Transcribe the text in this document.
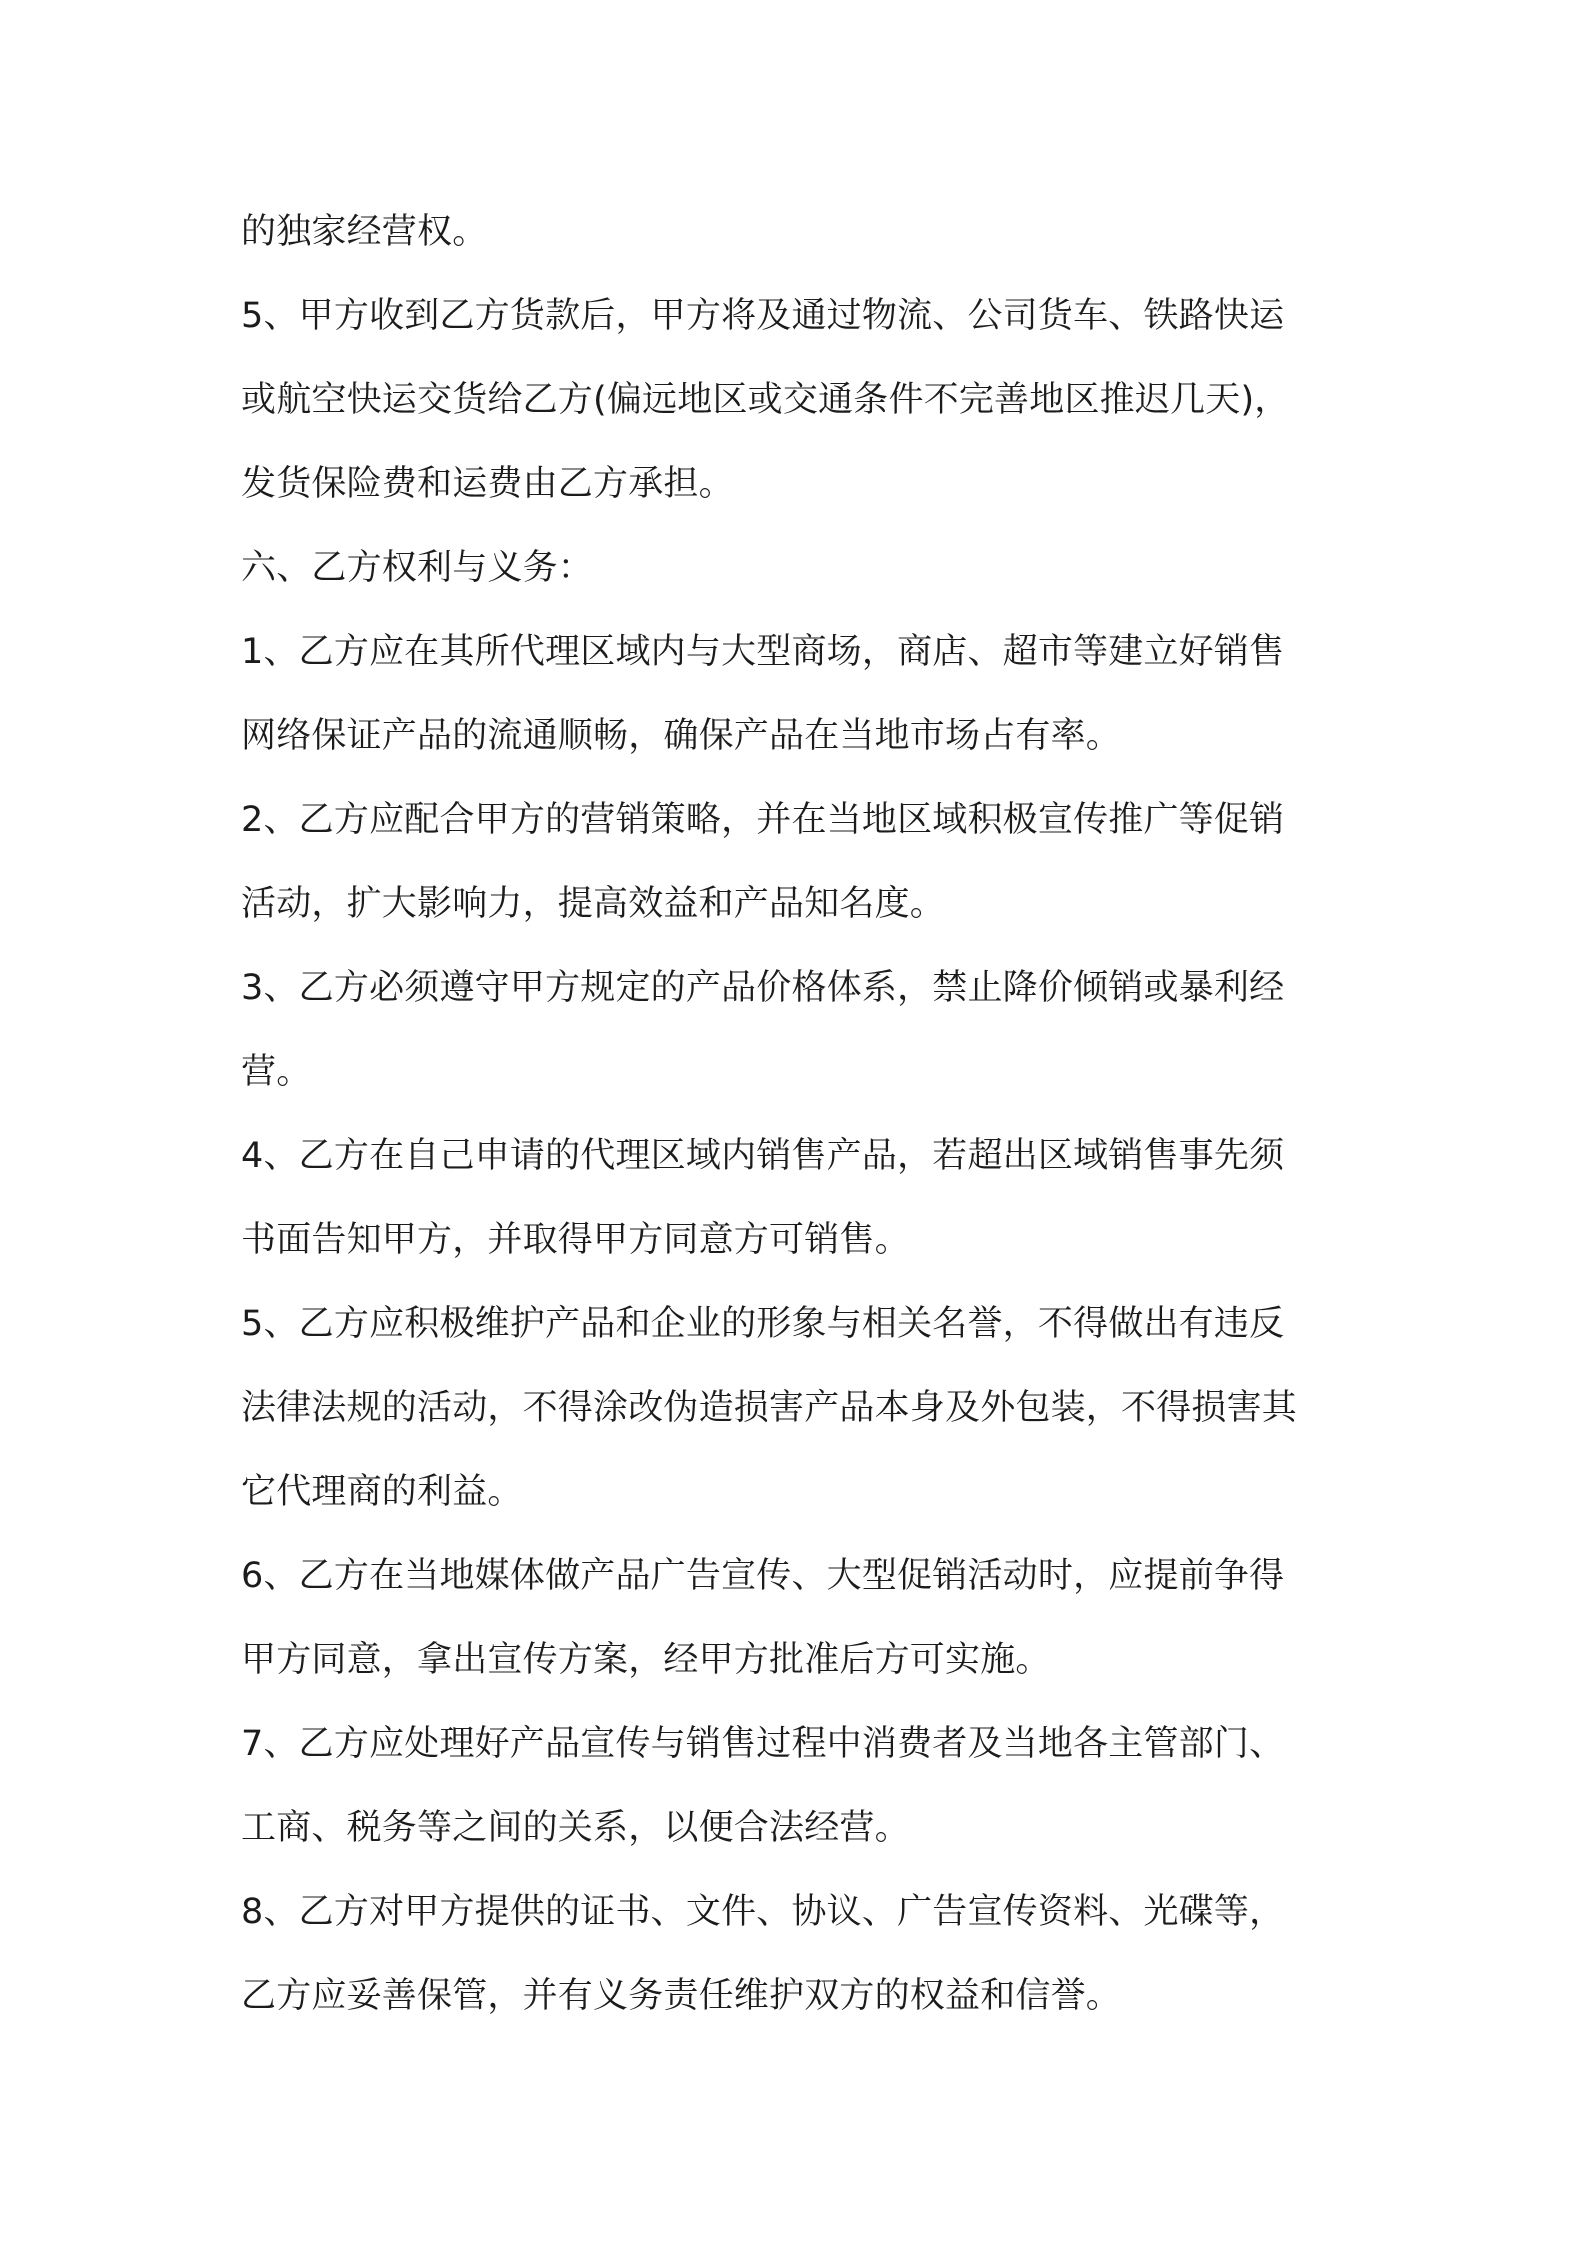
的独家经营权。

5、甲方收到乙方货款后，甲方将及通过物流、公司货车、铁路快运

或航空快运交货给乙方(偏远地区或交通条件不完善地区推迟几天)，

发货保险费和运费由乙方承担。

六、乙方权利与义务：

1、乙方应在其所代理区域内与大型商场，商店、超市等建立好销售

网络保证产品的流通顺畅，确保产品在当地市场占有率。

2、乙方应配合甲方的营销策略，并在当地区域积极宣传推广等促销

活动，扩大影响力，提高效益和产品知名度。

3、乙方必须遵守甲方规定的产品价格体系，禁止降价倾销或暴利经

营。

4、乙方在自己申请的代理区域内销售产品，若超出区域销售事先须

书面告知甲方，并取得甲方同意方可销售。

5、乙方应积极维护产品和企业的形象与相关名誉，不得做出有违反

法律法规的活动，不得涂改伪造损害产品本身及外包装，不得损害其

它代理商的利益。

6、乙方在当地媒体做产品广告宣传、大型促销活动时，应提前争得

甲方同意，拿出宣传方案，经甲方批准后方可实施。

7、乙方应处理好产品宣传与销售过程中消费者及当地各主管部门、

工商、税务等之间的关系，以便合法经营。

8、乙方对甲方提供的证书、文件、协议、广告宣传资料、光碟等，

乙方应妥善保管，并有义务责任维护双方的权益和信誉。
